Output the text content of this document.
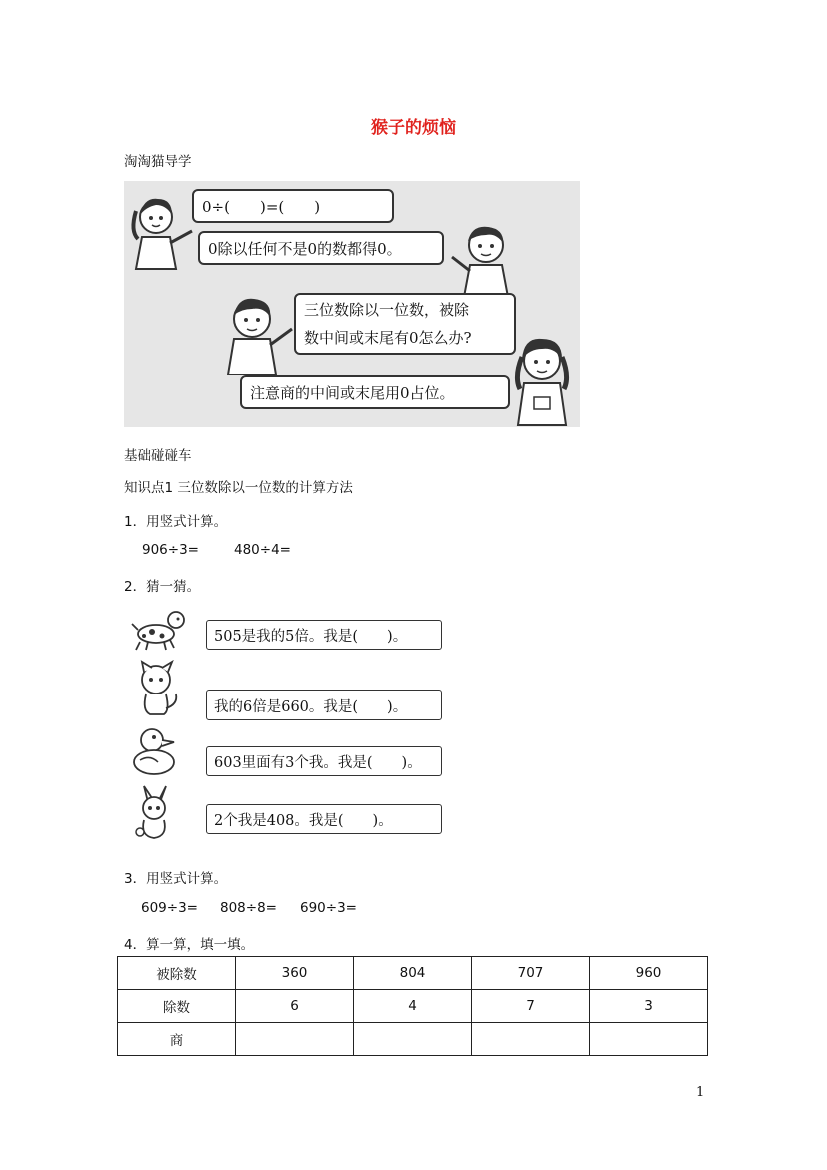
猴子的烦恼
淘淘猫导学
0÷(　　)=(　　)
0除以任何不是0的数都得0。
三位数除以一位数，被除
数中间或末尾有0怎么办?
注意商的中间或末尾用0占位。
基础碰碰车
知识点1 三位数除以一位数的计算方法
1．用竖式计算。
906÷3=	480÷4=
2．猜一猜。
505是我的5倍。我是(　　)。
我的6倍是660。我是(　　)。
603里面有3个我。我是(　　)。
2个我是408。我是(　　)。
3．用竖式计算。
609÷3= 808÷8= 690÷3=
4．算一算，填一填。
被除数	360	804	707	960
除数	6	4	7	3
商				
1
